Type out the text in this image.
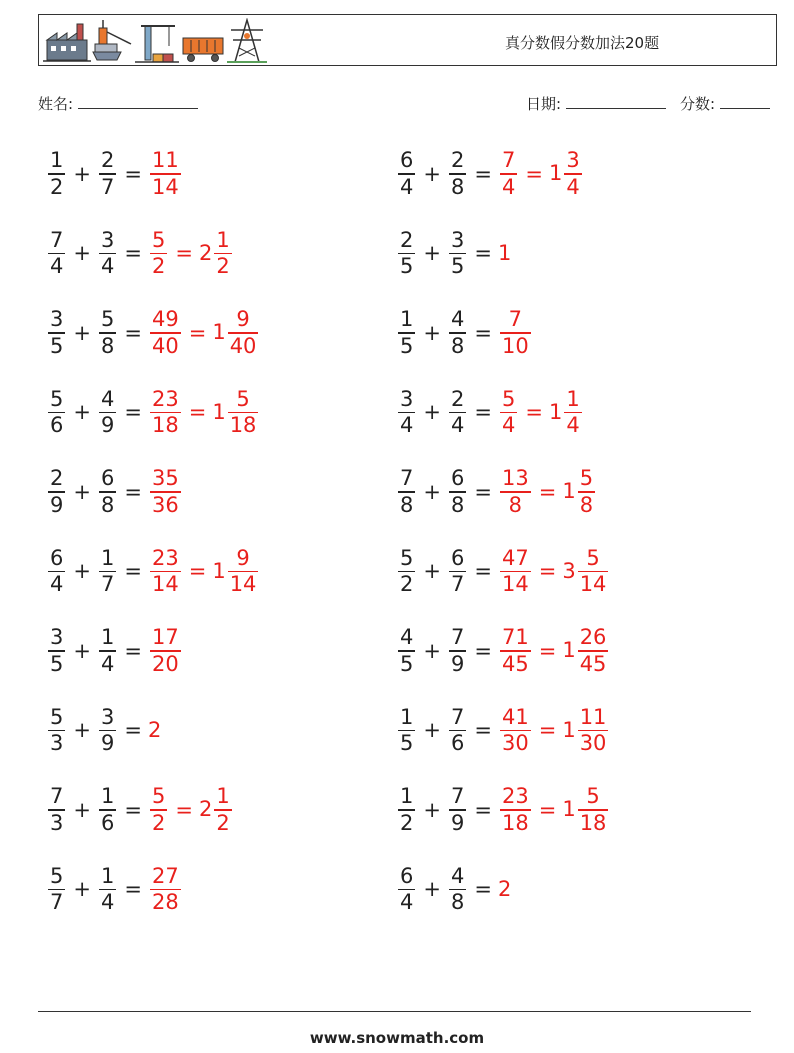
真分数假分数加法20题
姓名:	日期:	分数:
$\frac{1}{2} + \frac{2}{7} = \frac{11}{14}$	$\frac{6}{4} + \frac{2}{8} = \frac{7}{4} = 1 \frac{3}{4}$
$\frac{7}{4} + \frac{3}{4} = \frac{5}{2} = 2 \frac{1}{2}$	$\frac{2}{5} + \frac{3}{5} = 1$
$\frac{3}{5} + \frac{5}{8} = \frac{49}{40} = 1 \frac{9}{40}$	$\frac{1}{5} + \frac{4}{8} = \frac{7}{10}$
$\frac{5}{6} + \frac{4}{9} = \frac{23}{18} = 1 \frac{5}{18}$	$\frac{3}{4} + \frac{2}{4} = \frac{5}{4} = 1 \frac{1}{4}$
$\frac{2}{9} + \frac{6}{8} = \frac{35}{36}$	$\frac{7}{8} + \frac{6}{8} = \frac{13}{8} = 1 \frac{5}{8}$
$\frac{6}{4} + \frac{1}{7} = \frac{23}{14} = 1 \frac{9}{14}$	$\frac{5}{2} + \frac{6}{7} = \frac{47}{14} = 3 \frac{5}{14}$
$\frac{3}{5} + \frac{1}{4} = \frac{17}{20}$	$\frac{4}{5} + \frac{7}{9} = \frac{71}{45} = 1 \frac{26}{45}$
$\frac{5}{3} + \frac{3}{9} = 2$	$\frac{1}{5} + \frac{7}{6} = \frac{41}{30} = 1 \frac{11}{30}$
$\frac{7}{3} + \frac{1}{6} = \frac{5}{2} = 2 \frac{1}{2}$	$\frac{1}{2} + \frac{7}{9} = \frac{23}{18} = 1 \frac{5}{18}$
$\frac{5}{7} + \frac{1}{4} = \frac{27}{28}$	$\frac{6}{4} + \frac{4}{8} = 2$
www.snowmath.com
